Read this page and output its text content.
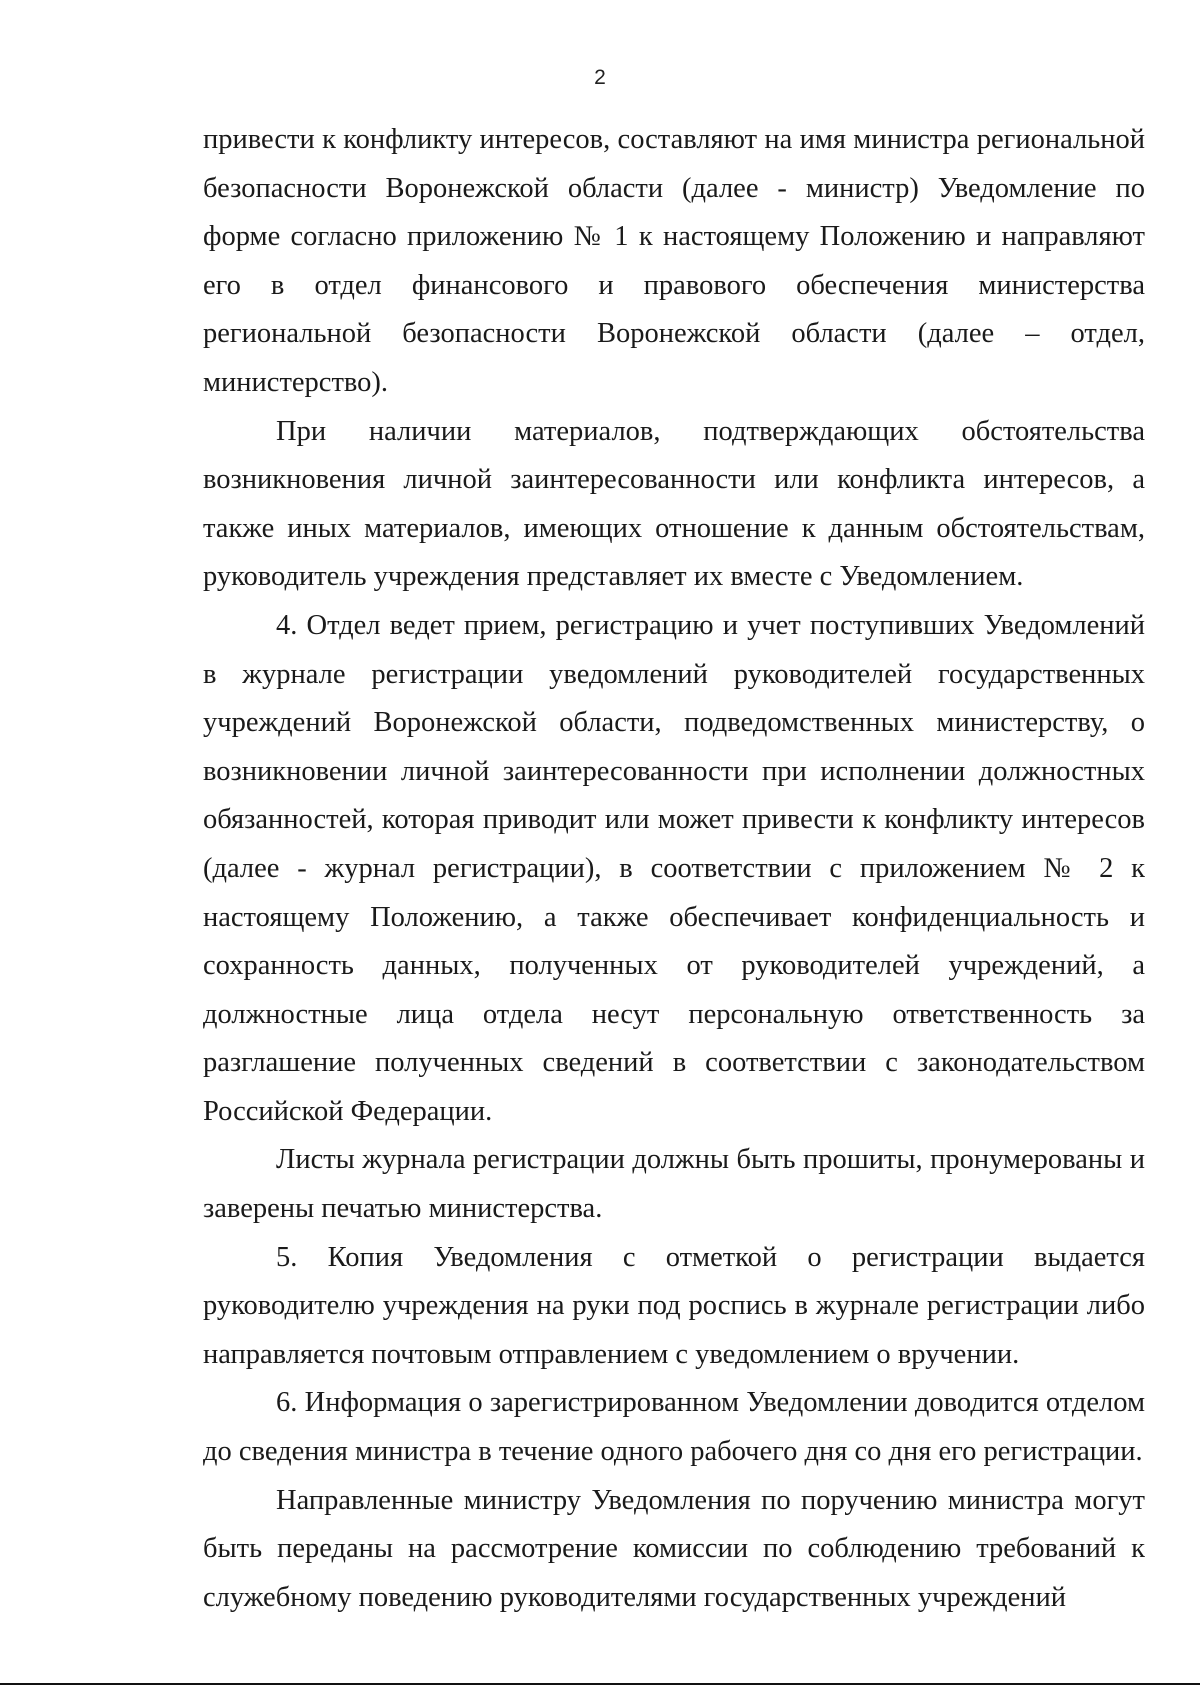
2

привести к конфликту интересов, составляют на имя министра региональной безопасности Воронежской области (далее - министр) Уведомление по форме согласно приложению № 1 к настоящему Положению и направляют его в отдел финансового и правового обеспечения министерства региональной безопасности Воронежской области (далее – отдел, министерство).

При наличии материалов, подтверждающих обстоятельства возникновения личной заинтересованности или конфликта интересов, а также иных материалов, имеющих отношение к данным обстоятельствам, руководитель учреждения представляет их вместе с Уведомлением.

4. Отдел ведет прием, регистрацию и учет поступивших Уведомлений в журнале регистрации уведомлений руководителей государственных учреждений Воронежской области, подведомственных министерству, о возникновении личной заинтересованности при исполнении должностных обязанностей, которая приводит или может привести к конфликту интересов (далее - журнал регистрации), в соответствии с приложением № 2 к настоящему Положению, а также обеспечивает конфиденциальность и сохранность данных, полученных от руководителей учреждений, а должностные лица отдела несут персональную ответственность за разглашение полученных сведений в соответствии с законодательством Российской Федерации.

Листы журнала регистрации должны быть прошиты, пронумерованы и заверены печатью министерства.

5. Копия Уведомления с отметкой о регистрации выдается руководителю учреждения на руки под роспись в журнале регистрации либо направляется почтовым отправлением с уведомлением о вручении.

6. Информация о зарегистрированном Уведомлении доводится отделом до сведения министра в течение одного рабочего дня со дня его регистрации.

Направленные министру Уведомления по поручению министра могут быть переданы на рассмотрение комиссии по соблюдению требований к служебному поведению руководителями государственных учреждений
